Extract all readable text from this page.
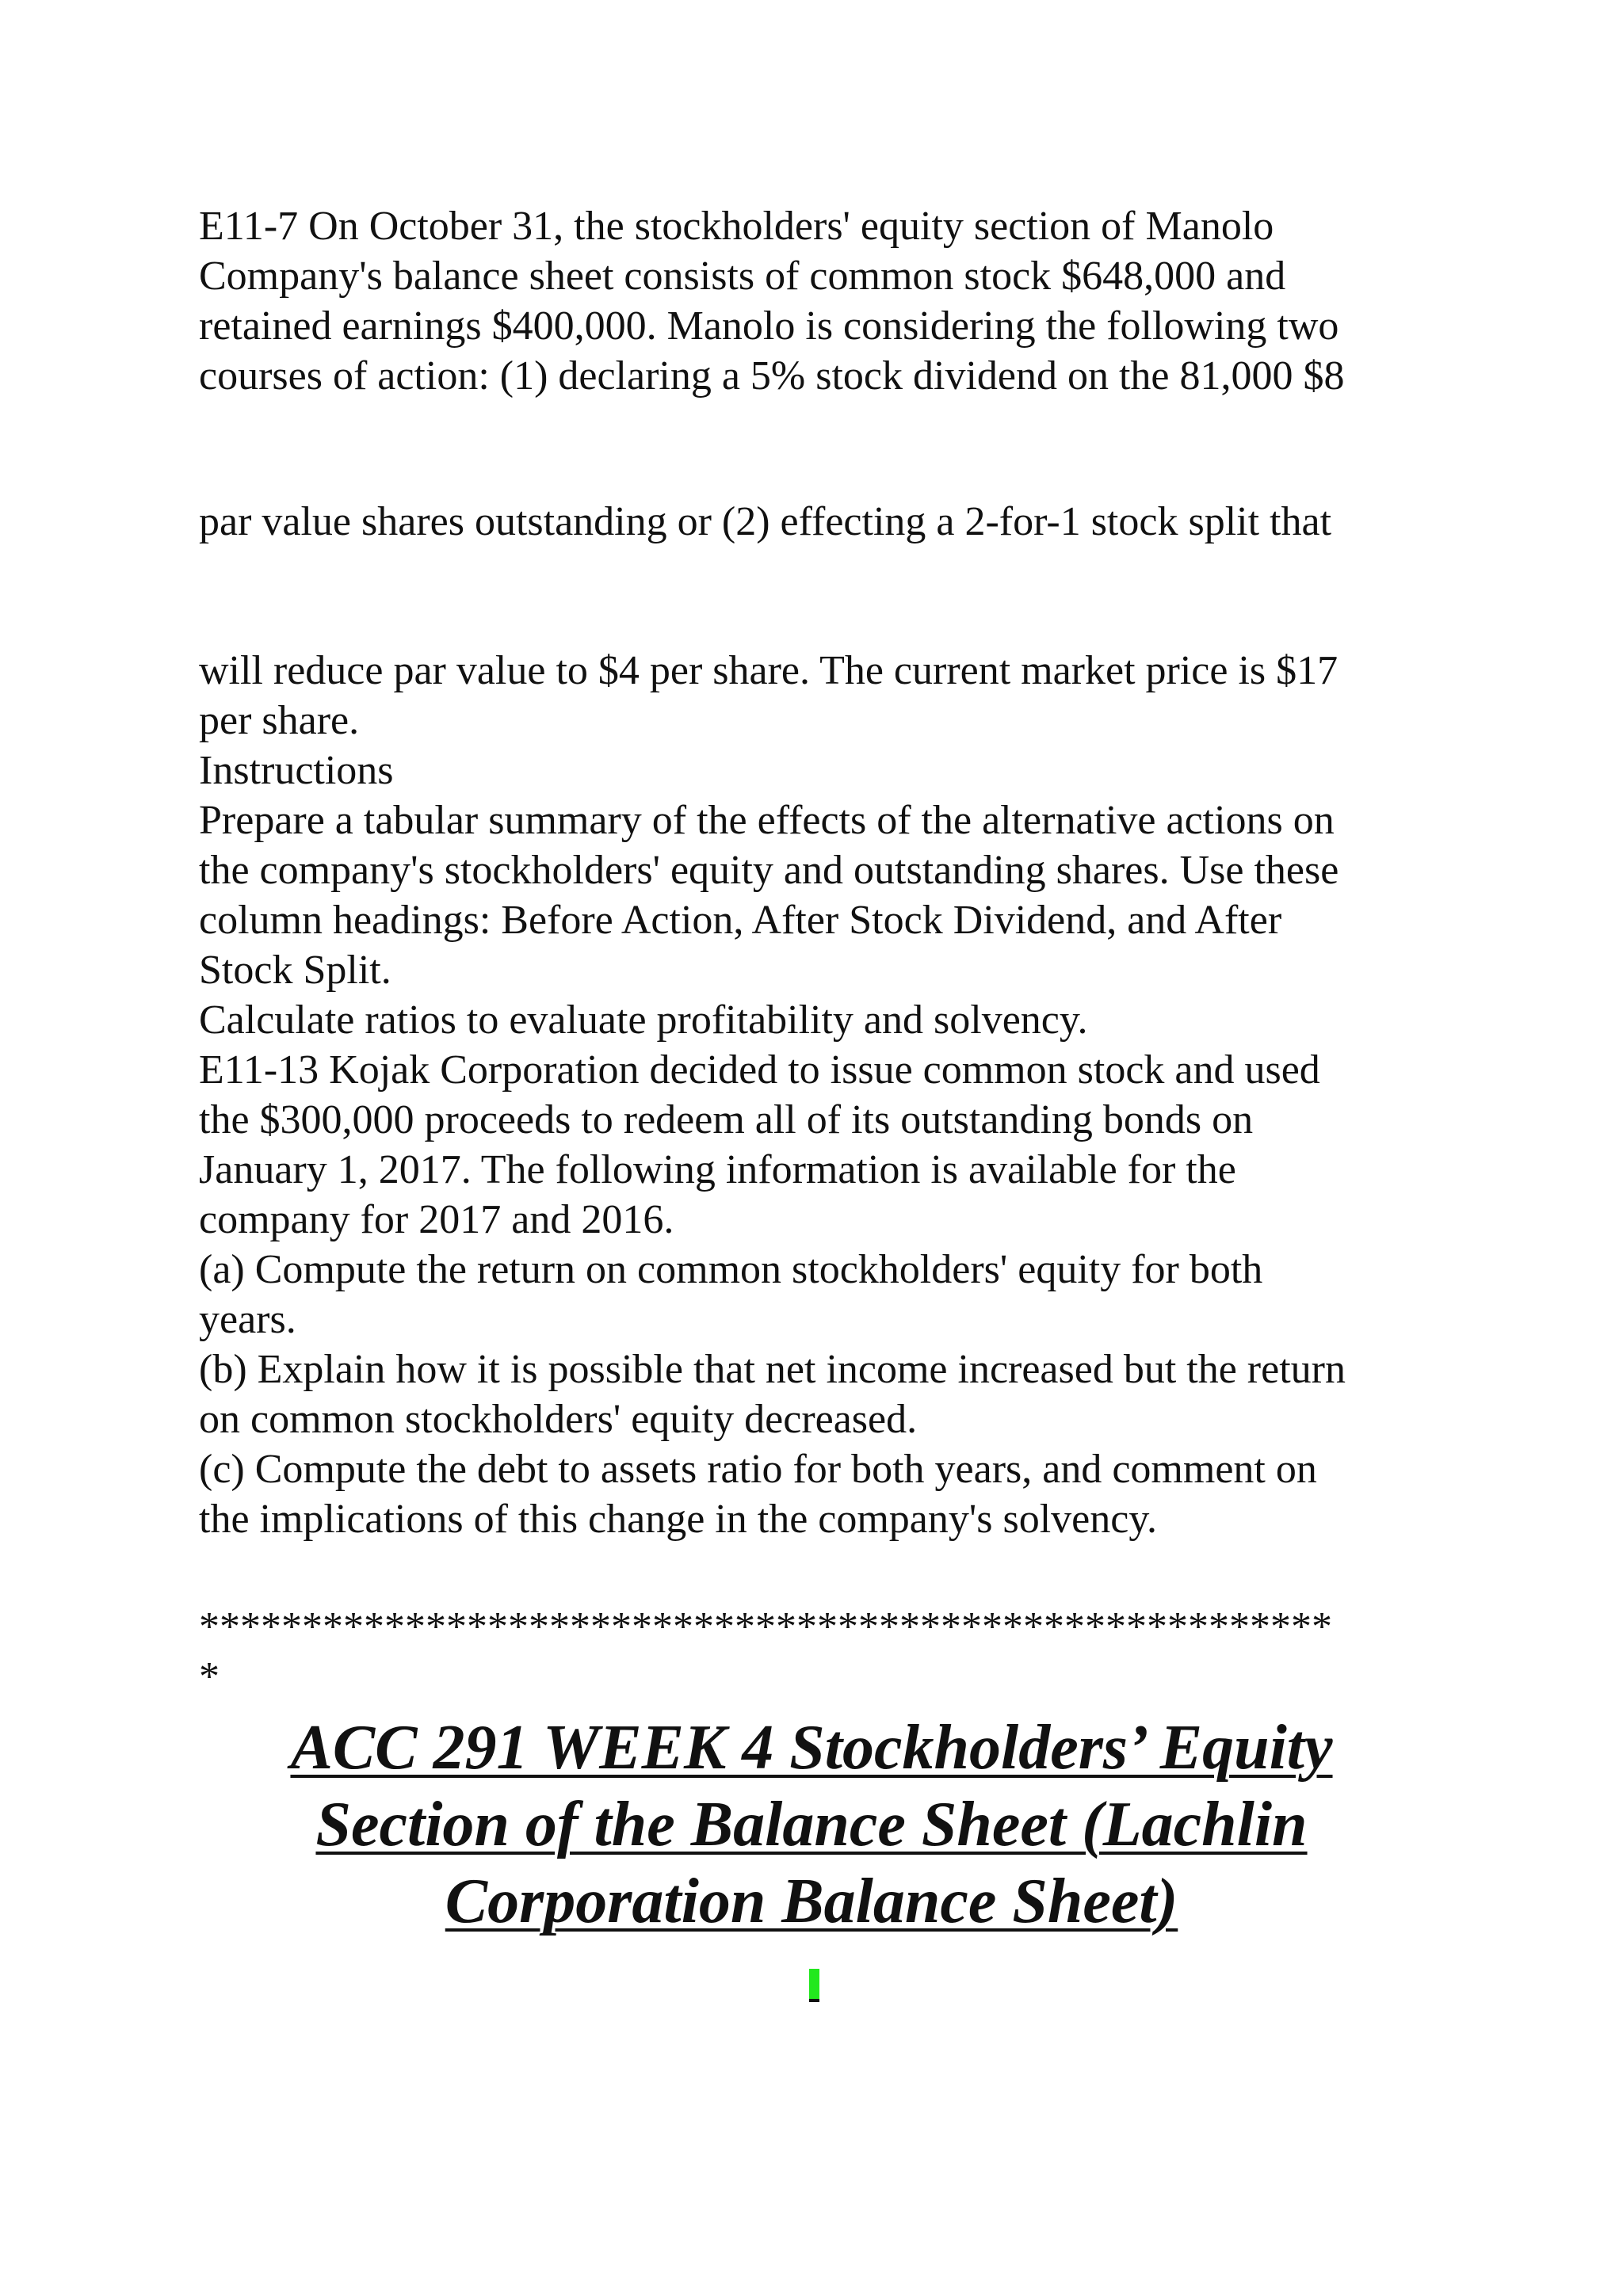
E11-7 On October 31, the stockholders' equity section of Manolo
Company's balance sheet consists of common stock $648,000 and
retained earnings $400,000. Manolo is considering the following two
courses of action: (1) declaring a 5% stock dividend on the 81,000 $8
par value shares outstanding or (2) effecting a 2-for-1 stock split that
will reduce par value to $4 per share. The current market price is $17
per share.
Instructions
Prepare a tabular summary of the effects of the alternative actions on
the company's stockholders' equity and outstanding shares. Use these
column headings: Before Action, After Stock Dividend, and After
Stock Split.
Calculate ratios to evaluate profitability and solvency.
E11-13 Kojak Corporation decided to issue common stock and used
the $300,000 proceeds to redeem all of its outstanding bonds on
January 1, 2017. The following information is available for the
company for 2017 and 2016.
(a) Compute the return on common stockholders' equity for both
years.
(b) Explain how it is possible that net income increased but the return
on common stockholders' equity decreased.
(c) Compute the debt to assets ratio for both years, and comment on
the implications of this change in the company's solvency.
*******************************************************
*
ACC 291 WEEK 4 Stockholders’ Equity
Section of the Balance Sheet (Lachlin
Corporation Balance Sheet)
